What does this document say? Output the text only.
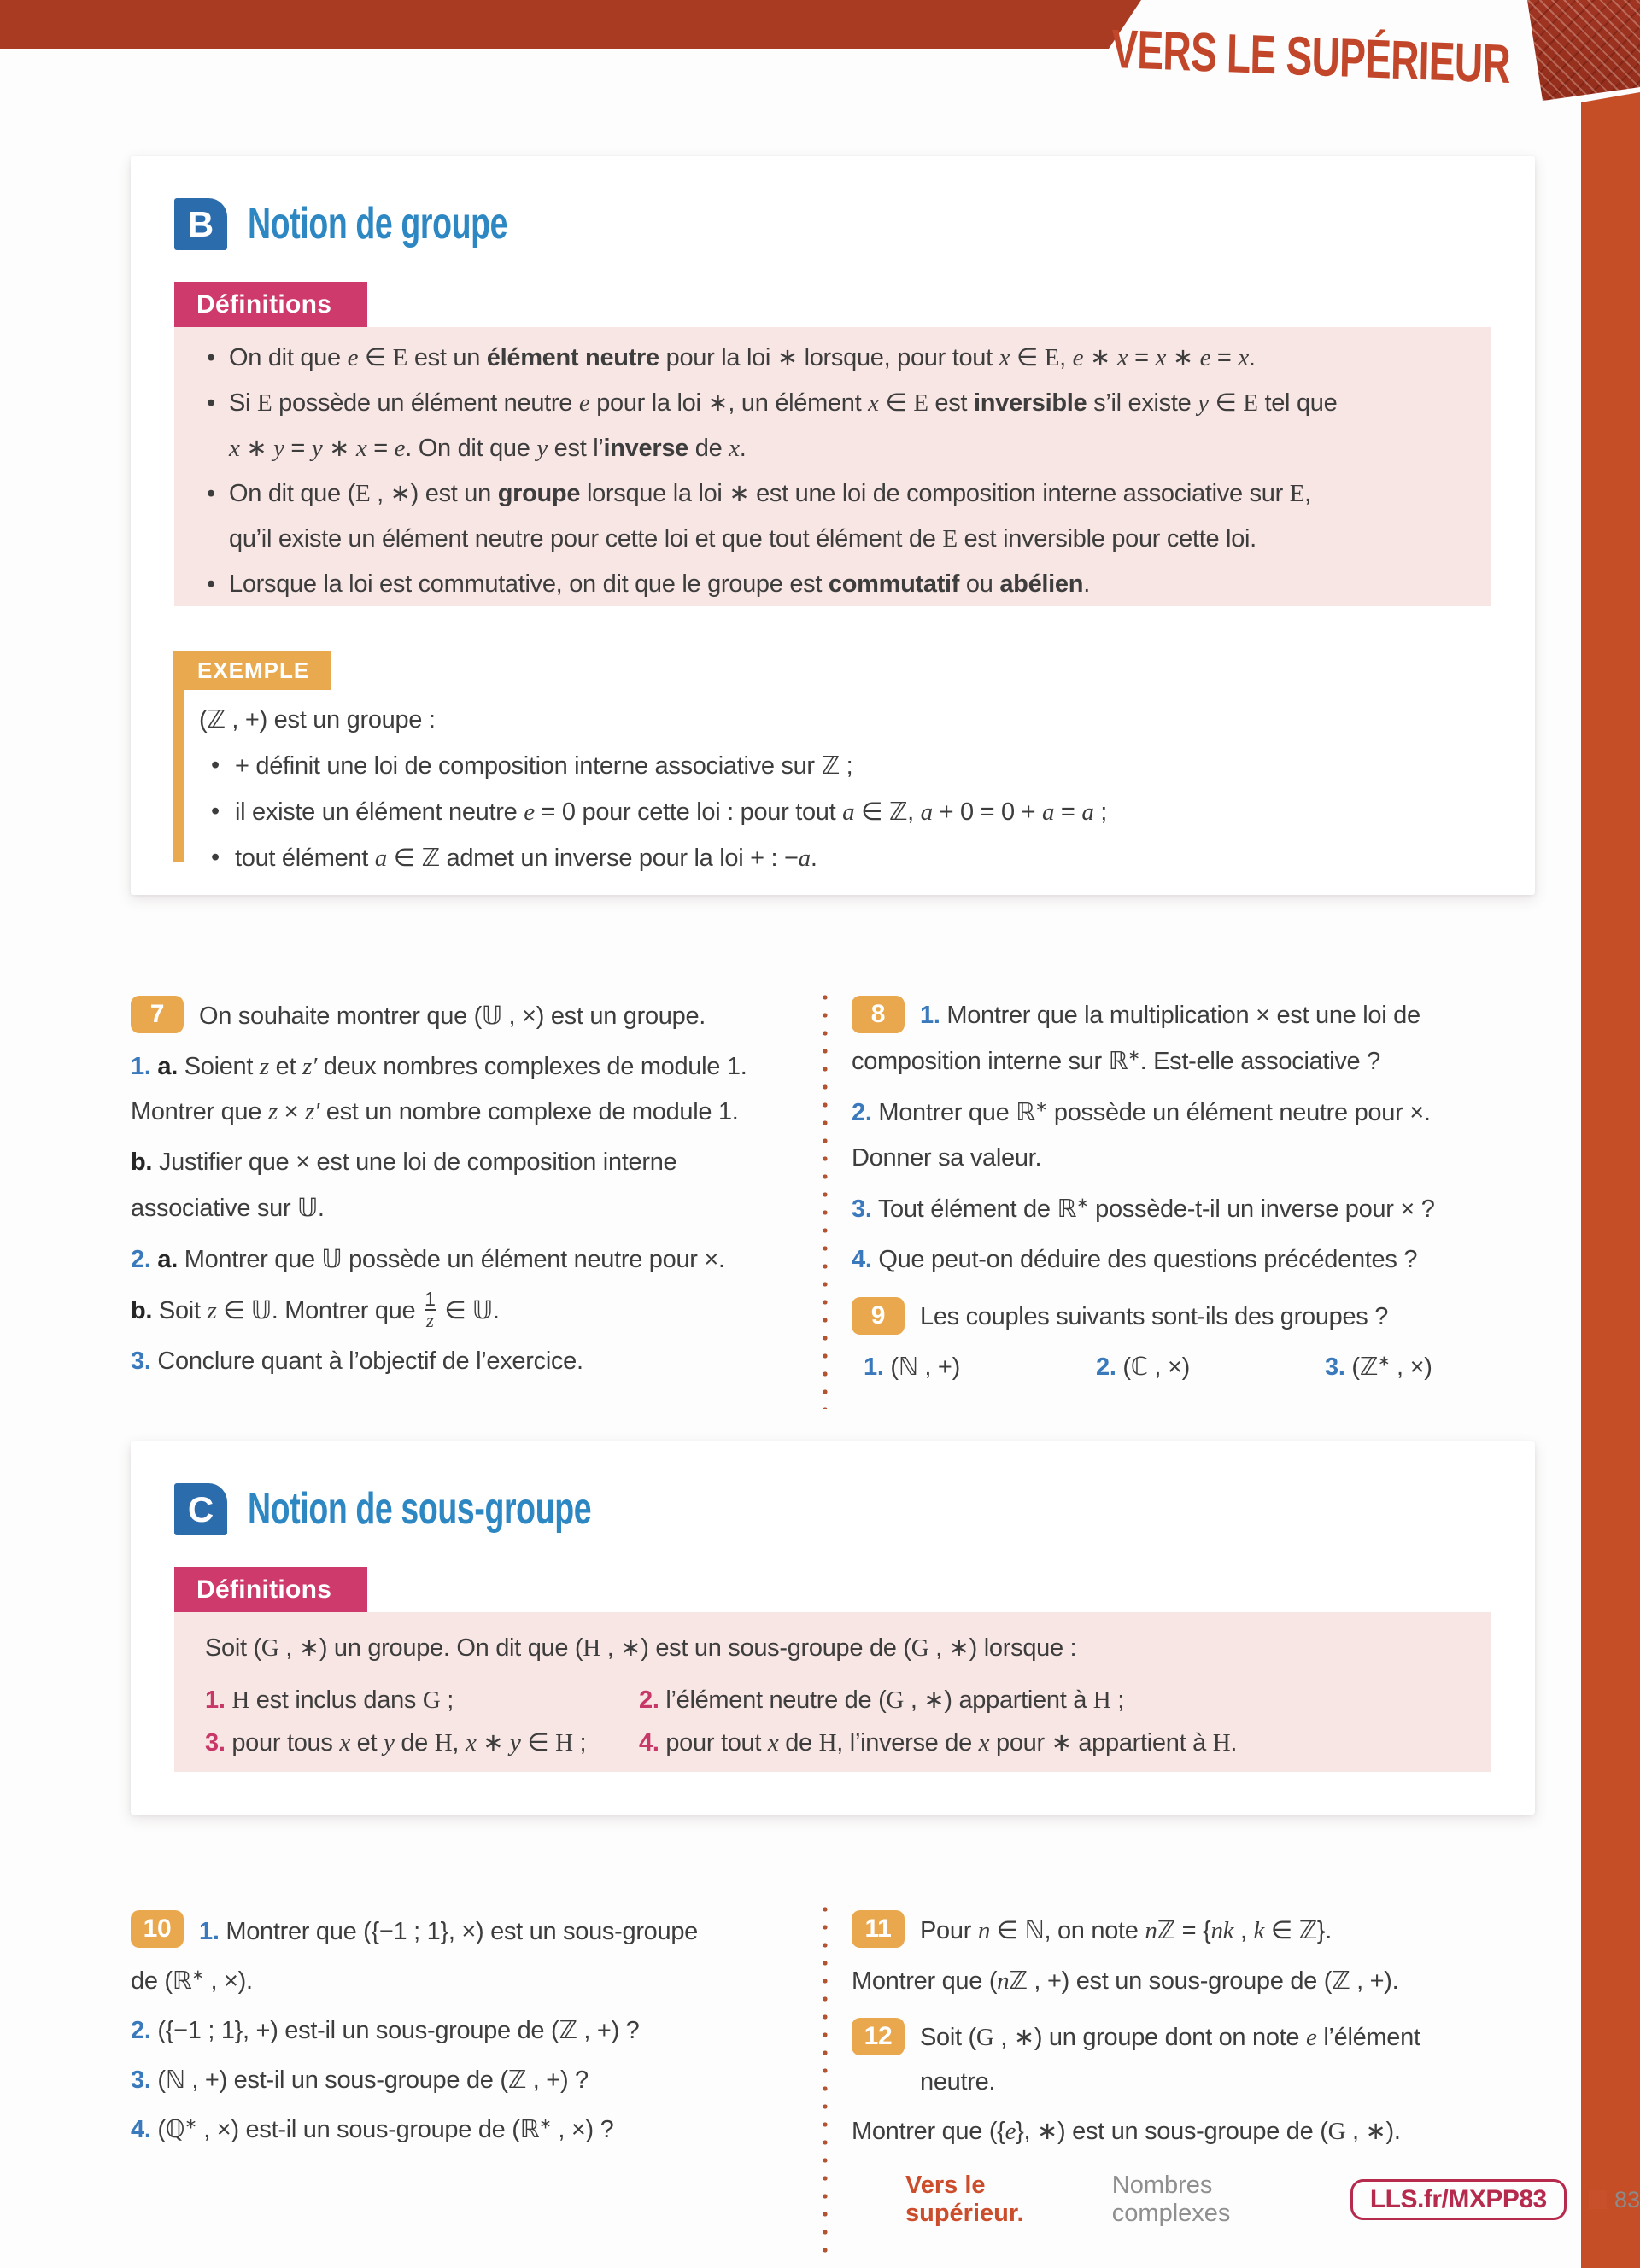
VERS LE SUPÉRIEUR
B Notion de groupe
Définitions
• On dit que e ∈ E est un élément neutre pour la loi ∗ lorsque, pour tout x ∈ E, e ∗ x = x ∗ e = x.
• Si E possède un élément neutre e pour la loi ∗, un élément x ∈ E est inversible s’il existe y ∈ E tel que
x ∗ y = y ∗ x = e. On dit que y est l’inverse de x.
• On dit que (E , ∗) est un groupe lorsque la loi ∗ est une loi de composition interne associative sur E,
qu’il existe un élément neutre pour cette loi et que tout élément de E est inversible pour cette loi.
• Lorsque la loi est commutative, on dit que le groupe est commutatif ou abélien.
EXEMPLE
(ℤ , +) est un groupe :
• + définit une loi de composition interne associative sur ℤ ;
• il existe un élément neutre e = 0 pour cette loi : pour tout a ∈ ℤ, a + 0 = 0 + a = a ;
• tout élément a ∈ ℤ admet un inverse pour la loi + : −a.
7	On souhaite montrer que (𝕌 , ×) est un groupe.
1. a. Soient z et z′ deux nombres complexes de module 1.
Montrer que z × z′ est un nombre complexe de module 1.
b. Justifier que × est une loi de composition interne
associative sur 𝕌.
2. a. Montrer que 𝕌 possède un élément neutre pour ×.
b. Soit z ∈ 𝕌. Montrer que $\frac{1}{z}$ ∈ 𝕌.
3. Conclure quant à l’objectif de l’exercice.
8	1. Montrer que la multiplication × est une loi de
composition interne sur ℝ∗. Est-elle associative ?
2. Montrer que ℝ∗ possède un élément neutre pour ×.
Donner sa valeur.
3. Tout élément de ℝ∗ possède-t-il un inverse pour × ?
4. Que peut-on déduire des questions précédentes ?
9	Les couples suivants sont-ils des groupes ?
1. (ℕ , +)	2. (ℂ , ×)	3. (ℤ∗ , ×)
C Notion de sous-groupe
Définitions
Soit (G , ∗) un groupe. On dit que (H , ∗) est un sous-groupe de (G , ∗) lorsque :
1. H est inclus dans G ;	2. l’élément neutre de (G , ∗) appartient à H ;
3. pour tous x et y de H, x ∗ y ∈ H ;	4. pour tout x de H, l’inverse de x pour ∗ appartient à H.
10	1. Montrer que ({−1 ; 1}, ×) est un sous-groupe
de (ℝ∗ , ×).
2. ({−1 ; 1}, +) est-il un sous-groupe de (ℤ , +) ?
3. (ℕ , +) est-il un sous-groupe de (ℤ , +) ?
4. (ℚ∗ , ×) est-il un sous-groupe de (ℝ∗ , ×) ?
11	Pour n ∈ ℕ, on note nℤ = {nk , k ∈ ℤ}.
Montrer que (nℤ , +) est un sous-groupe de (ℤ , +).
12	Soit (G , ∗) un groupe dont on note e l’élément
neutre.
Montrer que ({e}, ∗) est un sous-groupe de (G , ∗).
Vers le supérieur.
Nombres complexes	LLS.fr/MXPP83	83
